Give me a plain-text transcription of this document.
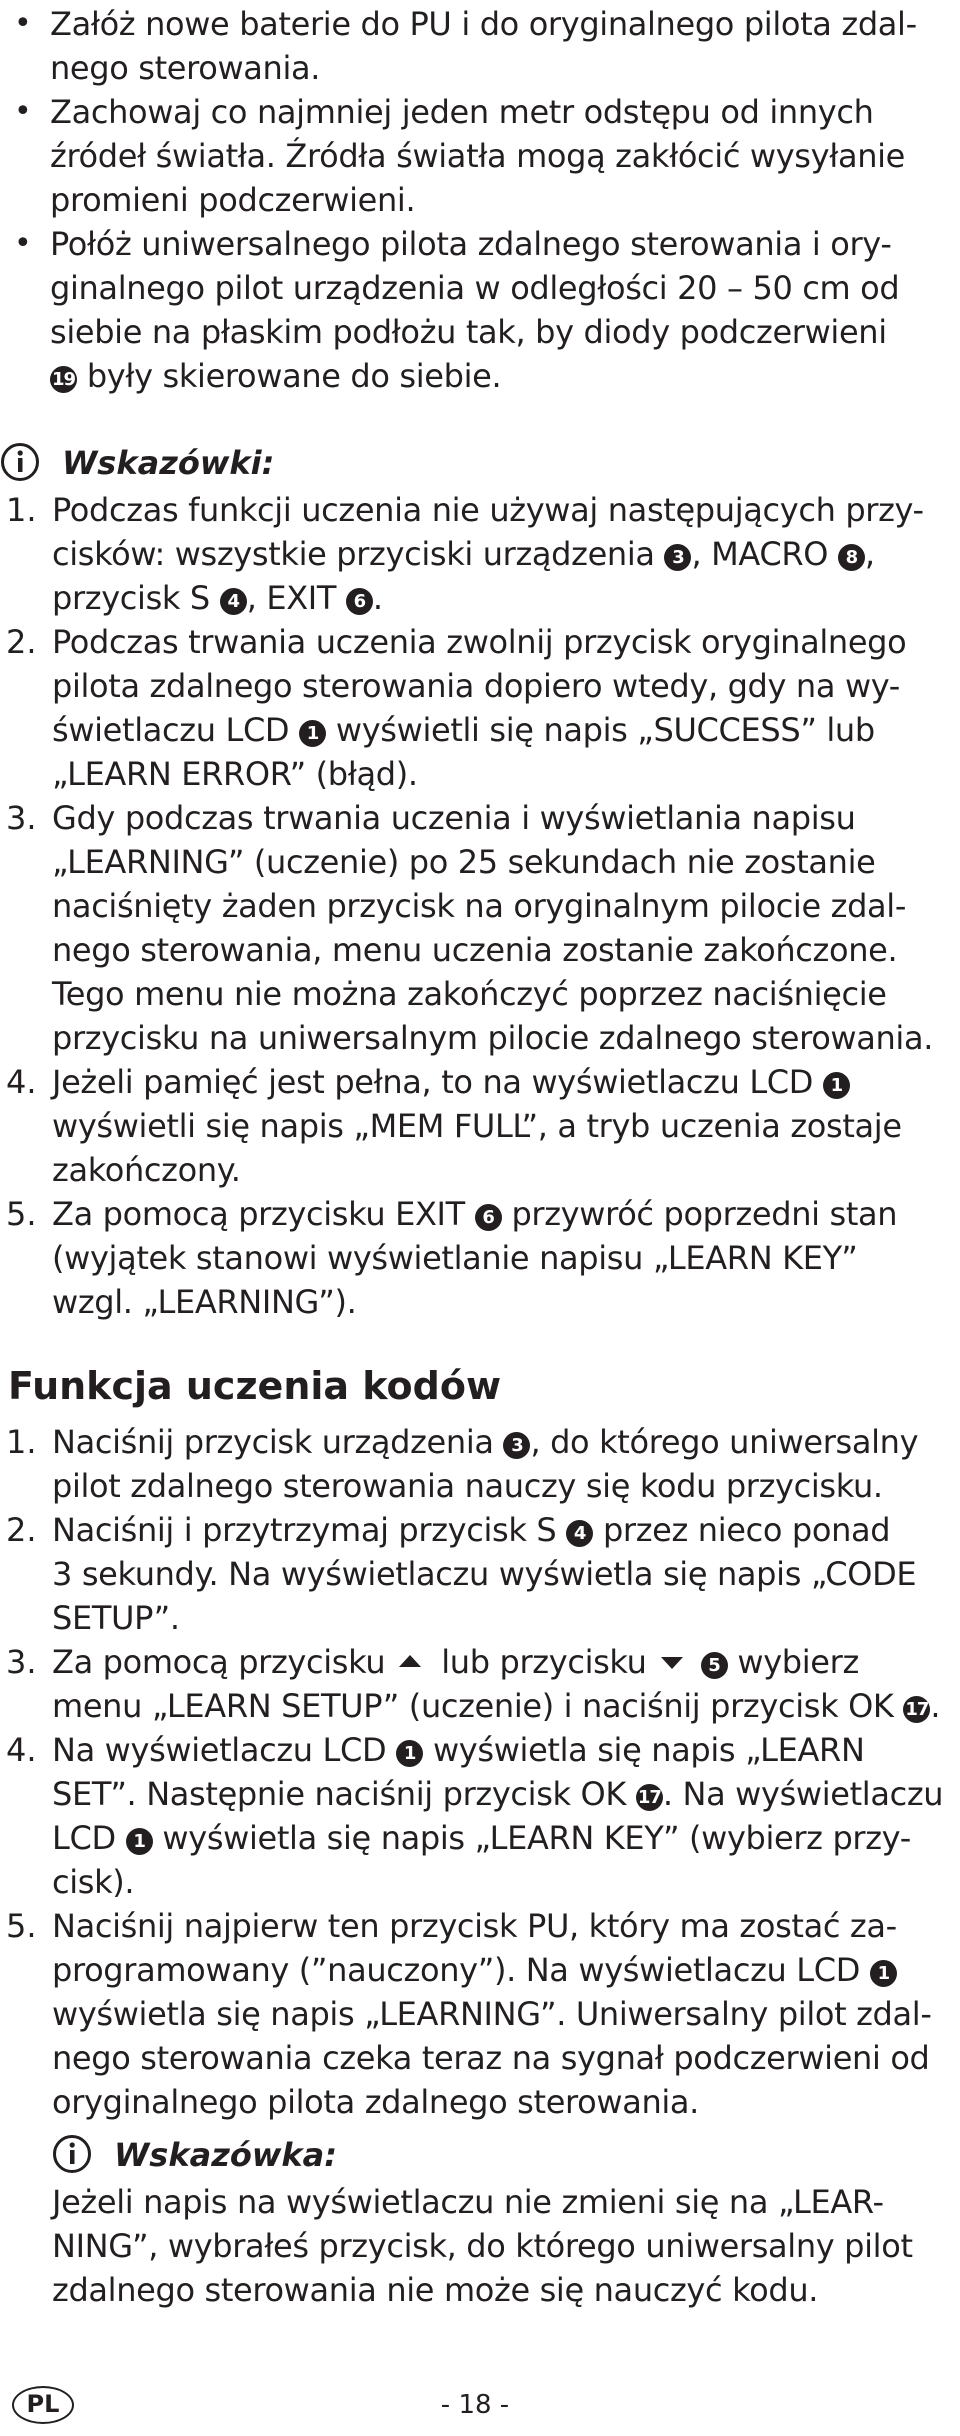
• Załóż nowe baterie do PU i do oryginalnego pilota zdal-
nego sterowania.
• Zachowaj co najmniej jeden metr odstępu od innych
źródeł światła. Źródła światła mogą zakłócić wysyłanie
promieni podczerwieni.
• Połóż uniwersalnego pilota zdalnego sterowania i ory-
ginalnego pilot urządzenia w odległości 20 – 50 cm od
siebie na płaskim podłożu tak, by diody podczerwieni
19 były skierowane do siebie.
Wskazówki:
1. Podczas funkcji uczenia nie używaj następujących przy-
cisków: wszystkie przyciski urządzenia 3 , MACRO 8 ,
przycisk S 4 , EXIT 6 .
2. Podczas trwania uczenia zwolnij przycisk oryginalnego
pilota zdalnego sterowania dopiero wtedy, gdy na wy-
świetlaczu LCD 1 wyświetli się napis „SUCCESS” lub
„LEARN ERROR” (błąd).
3. Gdy podczas trwania uczenia i wyświetlania napisu
„LEARNING” (uczenie) po 25 sekundach nie zostanie
naciśnięty żaden przycisk na oryginalnym pilocie zdal-
nego sterowania, menu uczenia zostanie zakończone.
Tego menu nie można zakończyć poprzez naciśnięcie
przycisku na uniwersalnym pilocie zdalnego sterowania.
4. Jeżeli pamięć jest pełna, to na wyświetlaczu LCD 1
wyświetli się napis „MEM FULL”, a tryb uczenia zostaje
zakończony.
5. Za pomocą przycisku EXIT 6 przywróć poprzedni stan
(wyjątek stanowi wyświetlanie napisu „LEARN KEY”
wzgl. „LEARNING”).
Funkcja uczenia kodów
1. Naciśnij przycisk urządzenia 3 , do którego uniwersalny
pilot zdalnego sterowania nauczy się kodu przycisku.
2. Naciśnij i przytrzymaj przycisk S 4 przez nieco ponad
3 sekundy. Na wyświetlaczu wyświetla się napis „CODE
SETUP”.
3. Za pomocą przycisku lub przycisku	5 wybierz
menu „LEARN SETUP” (uczenie) i naciśnij przycisk OK 17.
4. Na wyświetlaczu LCD 1 wyświetla się napis „LEARN
SET”. Następnie naciśnij przycisk OK 17. Na wyświetlaczu
LCD 1 wyświetla się napis „LEARN KEY” (wybierz przy-
cisk).
5. Naciśnij najpierw ten przycisk PU, który ma zostać za-
programowany (”nauczony”). Na wyświetlaczu LCD 1
wyświetla się napis „LEARNING”. Uniwersalny pilot zdal-
nego sterowania czeka teraz na sygnał podczerwieni od
oryginalnego pilota zdalnego sterowania.
Wskazówka:
Jeżeli napis na wyświetlaczu nie zmieni się na „LEAR-
NING”, wybrałeś przycisk, do którego uniwersalny pilot
zdalnego sterowania nie może się nauczyć kodu.
PL	- 18 -
